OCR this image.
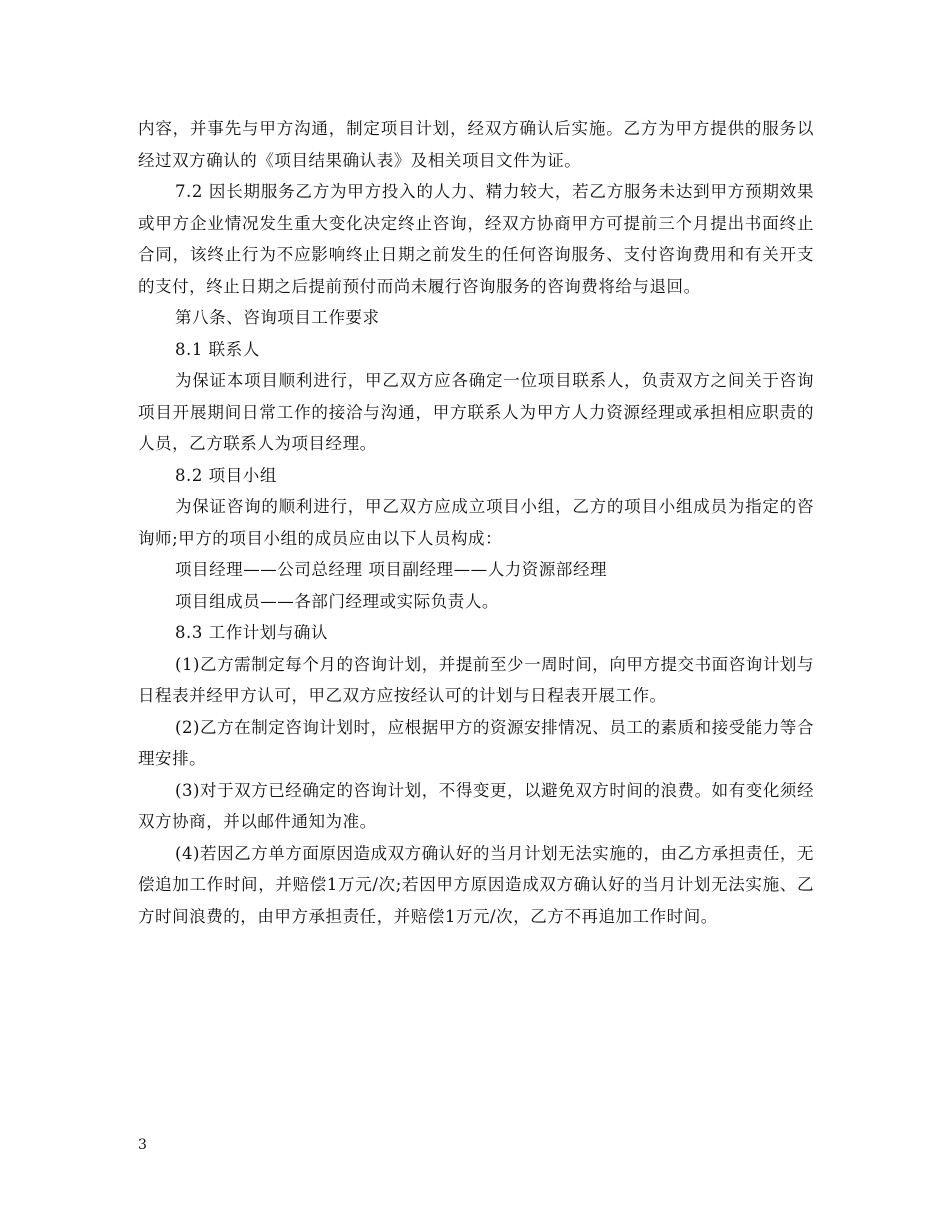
内容，并事先与甲方沟通，制定项目计划，经双方确认后实施。乙方为甲方提供的服务以经过双方确认的《项目结果确认表》及相关项目文件为证。

7.2 因长期服务乙方为甲方投入的人力、精力较大，若乙方服务未达到甲方预期效果或甲方企业情况发生重大变化决定终止咨询，经双方协商甲方可提前三个月提出书面终止合同，该终止行为不应影响终止日期之前发生的任何咨询服务、支付咨询费用和有关开支的支付，终止日期之后提前预付而尚未履行咨询服务的咨询费将给与退回。

第八条、咨询项目工作要求

8.1 联系人

为保证本项目顺利进行，甲乙双方应各确定一位项目联系人，负责双方之间关于咨询项目开展期间日常工作的接洽与沟通，甲方联系人为甲方人力资源经理或承担相应职责的人员，乙方联系人为项目经理。

8.2 项目小组

为保证咨询的顺利进行，甲乙双方应成立项目小组，乙方的项目小组成员为指定的咨询师;甲方的项目小组的成员应由以下人员构成：

项目经理——公司总经理 项目副经理——人力资源部经理

项目组成员——各部门经理或实际负责人。

8.3 工作计划与确认

(1)乙方需制定每个月的咨询计划，并提前至少一周时间，向甲方提交书面咨询计划与日程表并经甲方认可，甲乙双方应按经认可的计划与日程表开展工作。

(2)乙方在制定咨询计划时，应根据甲方的资源安排情况、员工的素质和接受能力等合理安排。

(3)对于双方已经确定的咨询计划，不得变更，以避免双方时间的浪费。如有变化须经双方协商，并以邮件通知为准。

(4)若因乙方单方面原因造成双方确认好的当月计划无法实施的，由乙方承担责任，无偿追加工作时间，并赔偿1万元/次;若因甲方原因造成双方确认好的当月计划无法实施、乙方时间浪费的，由甲方承担责任，并赔偿1万元/次，乙方不再追加工作时间。

3
